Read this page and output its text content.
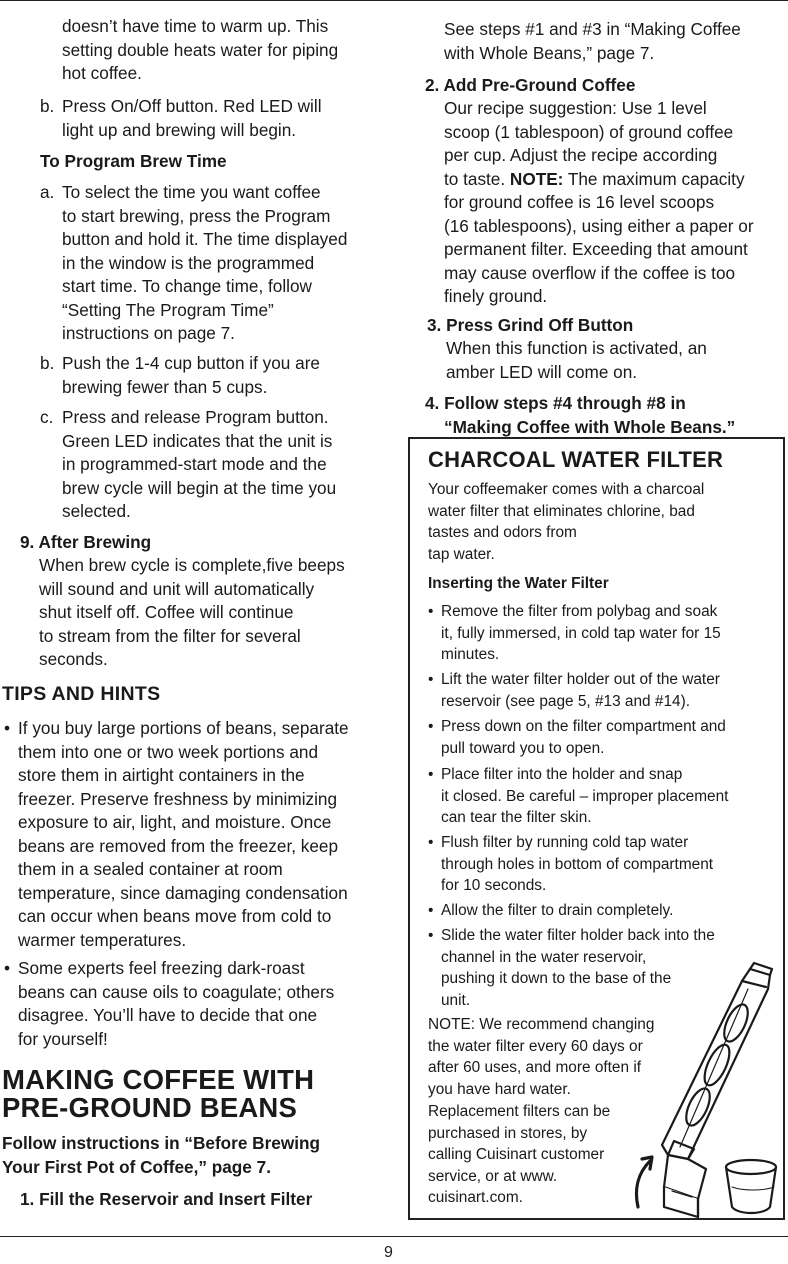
doesn’t have time to warm up. This
setting double heats water for piping
hot coffee.
b. Press On/Off button. Red LED will
light up and brewing will begin.
To Program Brew Time
a. To select the time you want coffee
to start brewing, press the Program
button and hold it. The time displayed
in the window is the programmed
start time. To change time, follow
“Setting The Program Time”
instructions on page 7.
b. Push the 1-4 cup button if you are
brewing fewer than 5 cups.
c. Press and release Program button.
Green LED indicates that the unit is
in programmed-start mode and the
brew cycle will begin at the time you
selected.
9. After Brewing
When brew cycle is complete,five beeps
will sound and unit will automatically
shut itself off. Coffee will continue
to stream from the filter for several
seconds.
TIPS AND HINTS
• If you buy large portions of beans, separate
them into one or two week portions and
store them in airtight containers in the
freezer. Preserve freshness by minimizing
exposure to air, light, and moisture. Once
beans are removed from the freezer, keep
them in a sealed container at room
temperature, since damaging condensation
can occur when beans move from cold to
warmer temperatures.
• Some experts feel freezing dark-roast
beans can cause oils to coagulate; others
disagree. You’ll have to decide that one
for yourself!
MAKING COFFEE WITH
PRE-GROUND BEANS
Follow instructions in “Before Brewing
Your First Pot of Coffee,” page 7.
1. Fill the Reservoir and Insert Filter
See steps #1 and #3 in “Making Coffee
with Whole Beans,” page 7.
2. Add Pre-Ground Coffee
Our recipe suggestion: Use 1 level
scoop (1 tablespoon) of ground coffee
per cup. Adjust the recipe according
to taste. NOTE: The maximum capacity
for ground coffee is 16 level scoops
(16 tablespoons), using either a paper or
permanent filter. Exceeding that amount
may cause overflow if the coffee is too
finely ground.
3. Press Grind Off Button
When this function is activated, an
amber LED will come on.
4. Follow steps #4 through #8 in
“Making Coffee with Whole Beans.”
CHARCOAL WATER FILTER
Your coffeemaker comes with a charcoal
water filter that eliminates chlorine, bad
tastes and odors from
tap water.
Inserting the Water Filter
• Remove the filter from polybag and soak
it, fully immersed, in cold tap water for 15
minutes.
• Lift the water filter holder out of the water
reservoir (see page 5, #13 and #14).
• Press down on the filter compartment and
pull toward you to open.
• Place filter into the holder and snap
it closed. Be careful – improper placement
can tear the filter skin.
• Flush filter by running cold tap water
through holes in bottom of compartment
for 10 seconds.
• Allow the filter to drain completely.
• Slide the water filter holder back into the
channel in the water reservoir,
pushing it down to the base of the
unit.
NOTE: We recommend changing
the water filter every 60 days or
after 60 uses, and more often if
you have hard water.
Replacement filters can be
purchased in stores, by
calling Cuisinart customer
service, or at www.
cuisinart.com.
9
